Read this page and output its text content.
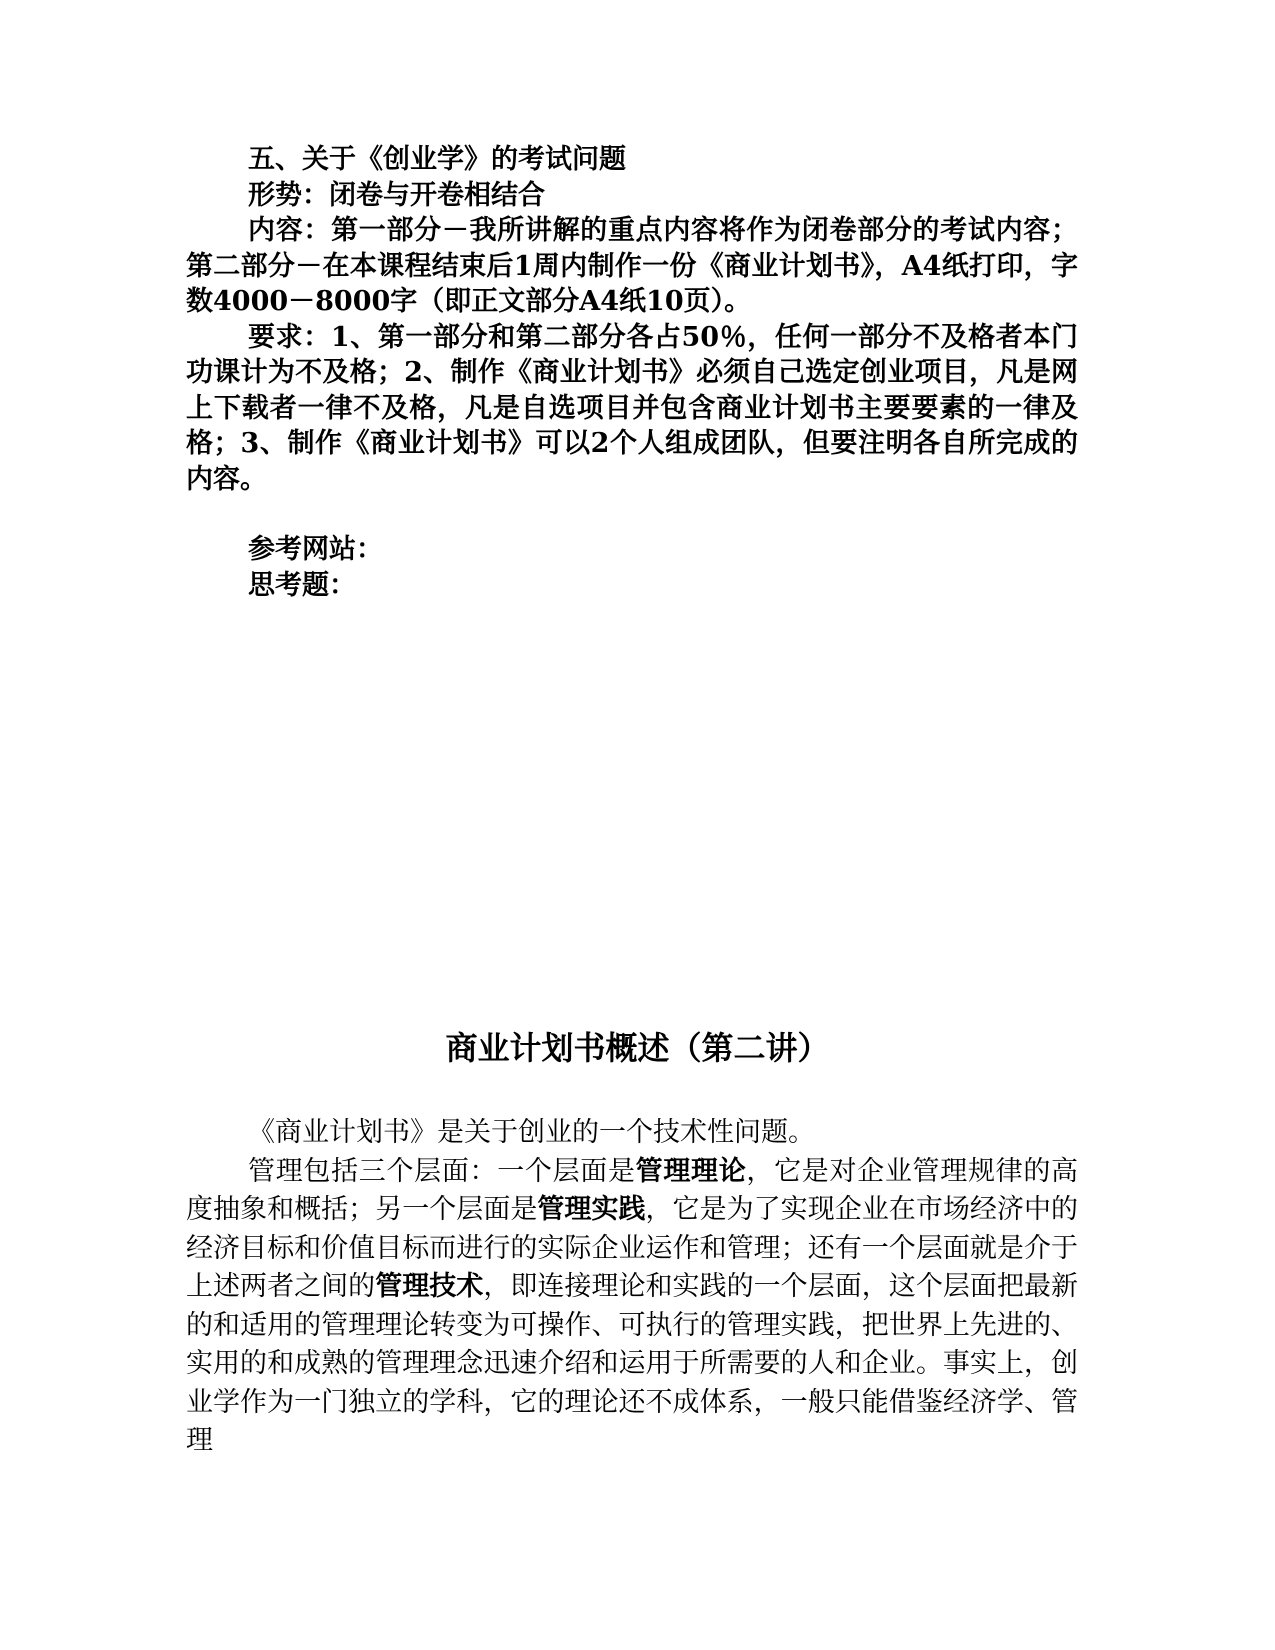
五、关于《创业学》的考试问题

形势：闭卷与开卷相结合

内容：第一部分－我所讲解的重点内容将作为闭卷部分的考试内容；第二部分－在本课程结束后1周内制作一份《商业计划书》，A4纸打印，字数4000－8000字（即正文部分A4纸10页）。

要求：1、第一部分和第二部分各占50％，任何一部分不及格者本门功课计为不及格；2、制作《商业计划书》必须自己选定创业项目，凡是网上下载者一律不及格，凡是自选项目并包含商业计划书主要要素的一律及格；3、制作《商业计划书》可以2个人组成团队，但要注明各自所完成的内容。

参考网站：

思考题：

商业计划书概述（第二讲）

《商业计划书》是关于创业的一个技术性问题。

管理包括三个层面：一个层面是管理理论，它是对企业管理规律的高度抽象和概括；另一个层面是管理实践，它是为了实现企业在市场经济中的经济目标和价值目标而进行的实际企业运作和管理；还有一个层面就是介于上述两者之间的管理技术，即连接理论和实践的一个层面，这个层面把最新的和适用的管理理论转变为可操作、可执行的管理实践，把世界上先进的、实用的和成熟的管理理念迅速介绍和运用于所需要的人和企业。事实上，创业学作为一门独立的学科，它的理论还不成体系，一般只能借鉴经济学、管理
